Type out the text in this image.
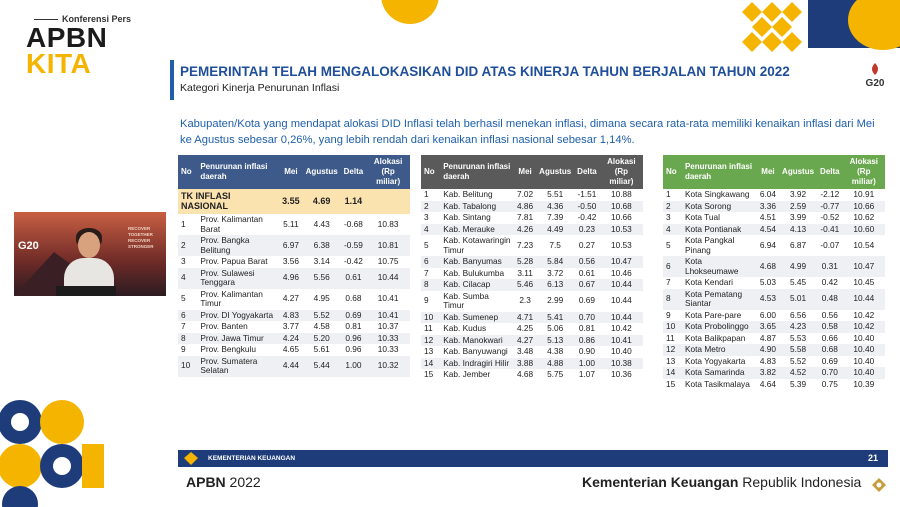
Konferensi Pers
APBN
KITA	PEMERINTAH TELAH MENGALOKASIKAN DID ATAS KINERJA TAHUN BERJALAN TAHUN 2022
Kategori Kinerja Penurunan Inflasi	G20
Kabupaten/Kota yang mendapat alokasi DID Inflasi telah berhasil menekan inflasi, dimana secara rata-rata memiliki kenaikan inflasi dari Mei ke Agustus sebesar 0,26%, yang lebih rendah dari kenaikan inflasi nasional sebesar 1,14%.
No	Penurunan inflasi daerah	Mei	Agustus	Delta	Alokasi (Rp miliar)
TK INFLASI NASIONAL		3.55	4.69	1.14	
1	Prov. Kalimantan Barat	5.11	4.43	-0.68	10.83
2	Prov. Bangka Belitung	6.97	6.38	-0.59	10.81
3	Prov. Papua Barat	3.56	3.14	-0.42	10.75
4	Prov. Sulawesi Tenggara	4.96	5.56	0.61	10.44
5	Prov. Kalimantan Timur	4.27	4.95	0.68	10.41
6	Prov. DI Yogyakarta	4.83	5.52	0.69	10.41
7	Prov. Banten	3.77	4.58	0.81	10.37
8	Prov. Jawa Timur	4.24	5.20	0.96	10.33
9	Prov. Bengkulu	4.65	5.61	0.96	10.33
10	Prov. Sumatera Selatan	4.44	5.44	1.00	10.32
No	Penurunan inflasi daerah	Mei	Agustus	Delta	Alokasi (Rp miliar)
1	Kab. Belitung	7.02	5.51	-1.51	10.88
2	Kab. Tabalong	4.86	4.36	-0.50	10.68
3	Kab. Sintang	7.81	7.39	-0.42	10.66
4	Kab. Merauke	4.26	4.49	0.23	10.53
5	Kab. Kotawaringin Timur	7.23	7.5	0.27	10.53
6	Kab. Banyumas	5.28	5.84	0.56	10.47
7	Kab. Bulukumba	3.11	3.72	0.61	10.46
8	Kab. Cilacap	5.46	6.13	0.67	10.44
9	Kab. Sumba Timur	2.3	2.99	0.69	10.44
10	Kab. Sumenep	4.71	5.41	0.70	10.44
11	Kab. Kudus	4.25	5.06	0.81	10.42
12	Kab. Manokwari	4.27	5.13	0.86	10.41
13	Kab. Banyuwangi	3.48	4.38	0.90	10.40
14	Kab. Indragiri Hilir	3.88	4.88	1.00	10.38
15	Kab. Jember	4.68	5.75	1.07	10.36
No	Penurunan inflasi daerah	Mei	Agustus	Delta	Alokasi (Rp miliar)
1	Kota Singkawang	6.04	3.92	-2.12	10.91
2	Kota Sorong	3.36	2.59	-0.77	10.66
3	Kota Tual	4.51	3.99	-0.52	10.62
4	Kota Pontianak	4.54	4.13	-0.41	10.60
5	Kota Pangkal Pinang	6.94	6.87	-0.07	10.54
6	Kota Lhokseumawe	4.68	4.99	0.31	10.47
7	Kota Kendari	5.03	5.45	0.42	10.45
8	Kota Pematang Siantar	4.53	5.01	0.48	10.44
9	Kota Pare-pare	6.00	6.56	0.56	10.42
10	Kota Probolinggo	3.65	4.23	0.58	10.42
11	Kota Balikpapan	4.87	5.53	0.66	10.40
12	Kota Metro	4.90	5.58	0.68	10.40
13	Kota Yogyakarta	4.83	5.52	0.69	10.40
14	Kota Samarinda	3.82	4.52	0.70	10.40
15	Kota Tasikmalaya	4.64	5.39	0.75	10.39
G20
RECOVER TOGETHER RECOVER STRONGER
KEMENTERIAN KEUANGAN	21
APBN 2022	Kementerian Keuangan Republik Indonesia
